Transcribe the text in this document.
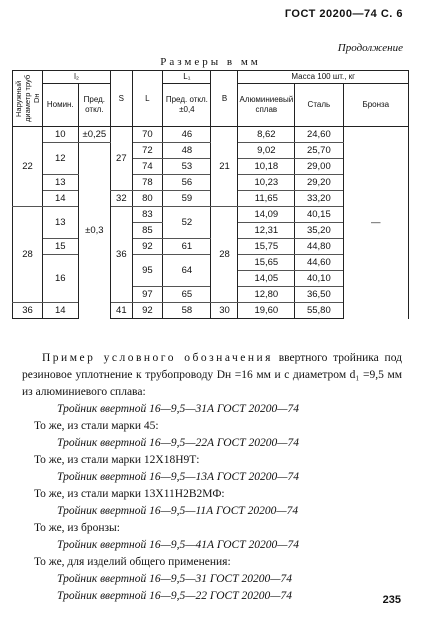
ГОСТ 20200—74 С. 6
Продолжение
Размеры в мм
Наружный диаметр труб Dн	l₂		S	L	L₁	B	Масса 100 шт., кг		
	Номин.	Пред. откл.			Пред. откл. ±0,4		Алюминиевый сплав	Сталь	Бронза
22	10	±0,25	27	70	46	21	8,62	24,60	—
	12	±0,3		72	48		9,02	25,70	
				74	53		10,18	29,00	
	13			78	56		10,23	29,20	
	14		32	80	59		11,65	33,20	
28	13		36	83	52	28	14,09	40,15	
				85			12,31	35,20	
	15			92	61		15,75	44,80	
	16			95	64		15,65	44,60	
							14,05	40,10	
				97	65		12,80	36,50	
36	14		41	92	58	30	19,60	55,80	
Пример условного обозначения ввертного тройника под резиновое уплотнение к трубопроводу Dн =16 мм и с диаметром d₁ =9,5 мм из алюминиевого сплава:
Тройник ввертной 16—9,5—31А ГОСТ 20200—74
То же, из стали марки 45:
Тройник ввертной 16—9,5—22А ГОСТ 20200—74
То же, из стали марки 12Х18Н9Т:
Тройник ввертной 16—9,5—13А ГОСТ 20200—74
То же, из стали марки 13Х11Н2В2МФ:
Тройник ввертной 16—9,5—11А ГОСТ 20200—74
То же, из бронзы:
Тройник ввертной 16—9,5—41А ГОСТ 20200—74
То же, для изделий общего применения:
Тройник ввертной 16—9,5—31 ГОСТ 20200—74
Тройник ввертной 16—9,5—22 ГОСТ 20200—74	235
